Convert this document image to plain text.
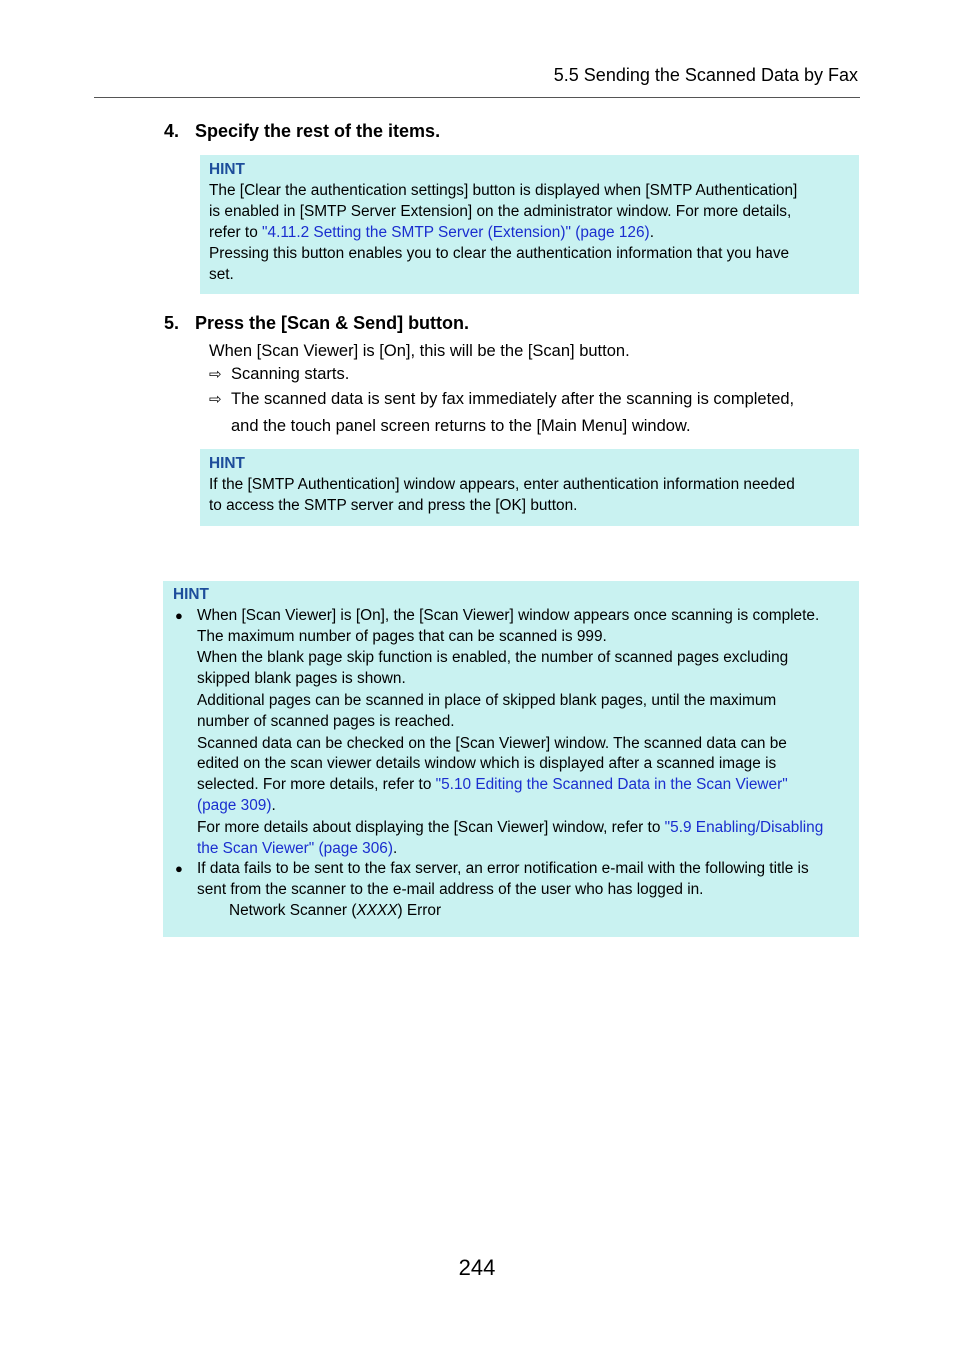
5.5 Sending the Scanned Data by Fax
4. Specify the rest of the items.
HINT
The [Clear the authentication settings] button is displayed when [SMTP Authentication]
is enabled in [SMTP Server Extension] on the administrator window. For more details,
refer to "4.11.2 Setting the SMTP Server (Extension)" (page 126).
Pressing this button enables you to clear the authentication information that you have
set.
5. Press the [Scan & Send] button.
When [Scan Viewer] is [On], this will be the [Scan] button.
⇨ Scanning starts.
⇨ The scanned data is sent by fax immediately after the scanning is completed,
and the touch panel screen returns to the [Main Menu] window.
HINT
If the [SMTP Authentication] window appears, enter authentication information needed
to access the SMTP server and press the [OK] button.
HINT
● When [Scan Viewer] is [On], the [Scan Viewer] window appears once scanning is complete.
The maximum number of pages that can be scanned is 999.
When the blank page skip function is enabled, the number of scanned pages excluding
skipped blank pages is shown.
Additional pages can be scanned in place of skipped blank pages, until the maximum
number of scanned pages is reached.
Scanned data can be checked on the [Scan Viewer] window. The scanned data can be
edited on the scan viewer details window which is displayed after a scanned image is
selected. For more details, refer to "5.10 Editing the Scanned Data in the Scan Viewer"
(page 309).
For more details about displaying the [Scan Viewer] window, refer to "5.9 Enabling/Disabling
the Scan Viewer" (page 306).
● If data fails to be sent to the fax server, an error notification e-mail with the following title is
sent from the scanner to the e-mail address of the user who has logged in.
Network Scanner (XXXX) Error
244
